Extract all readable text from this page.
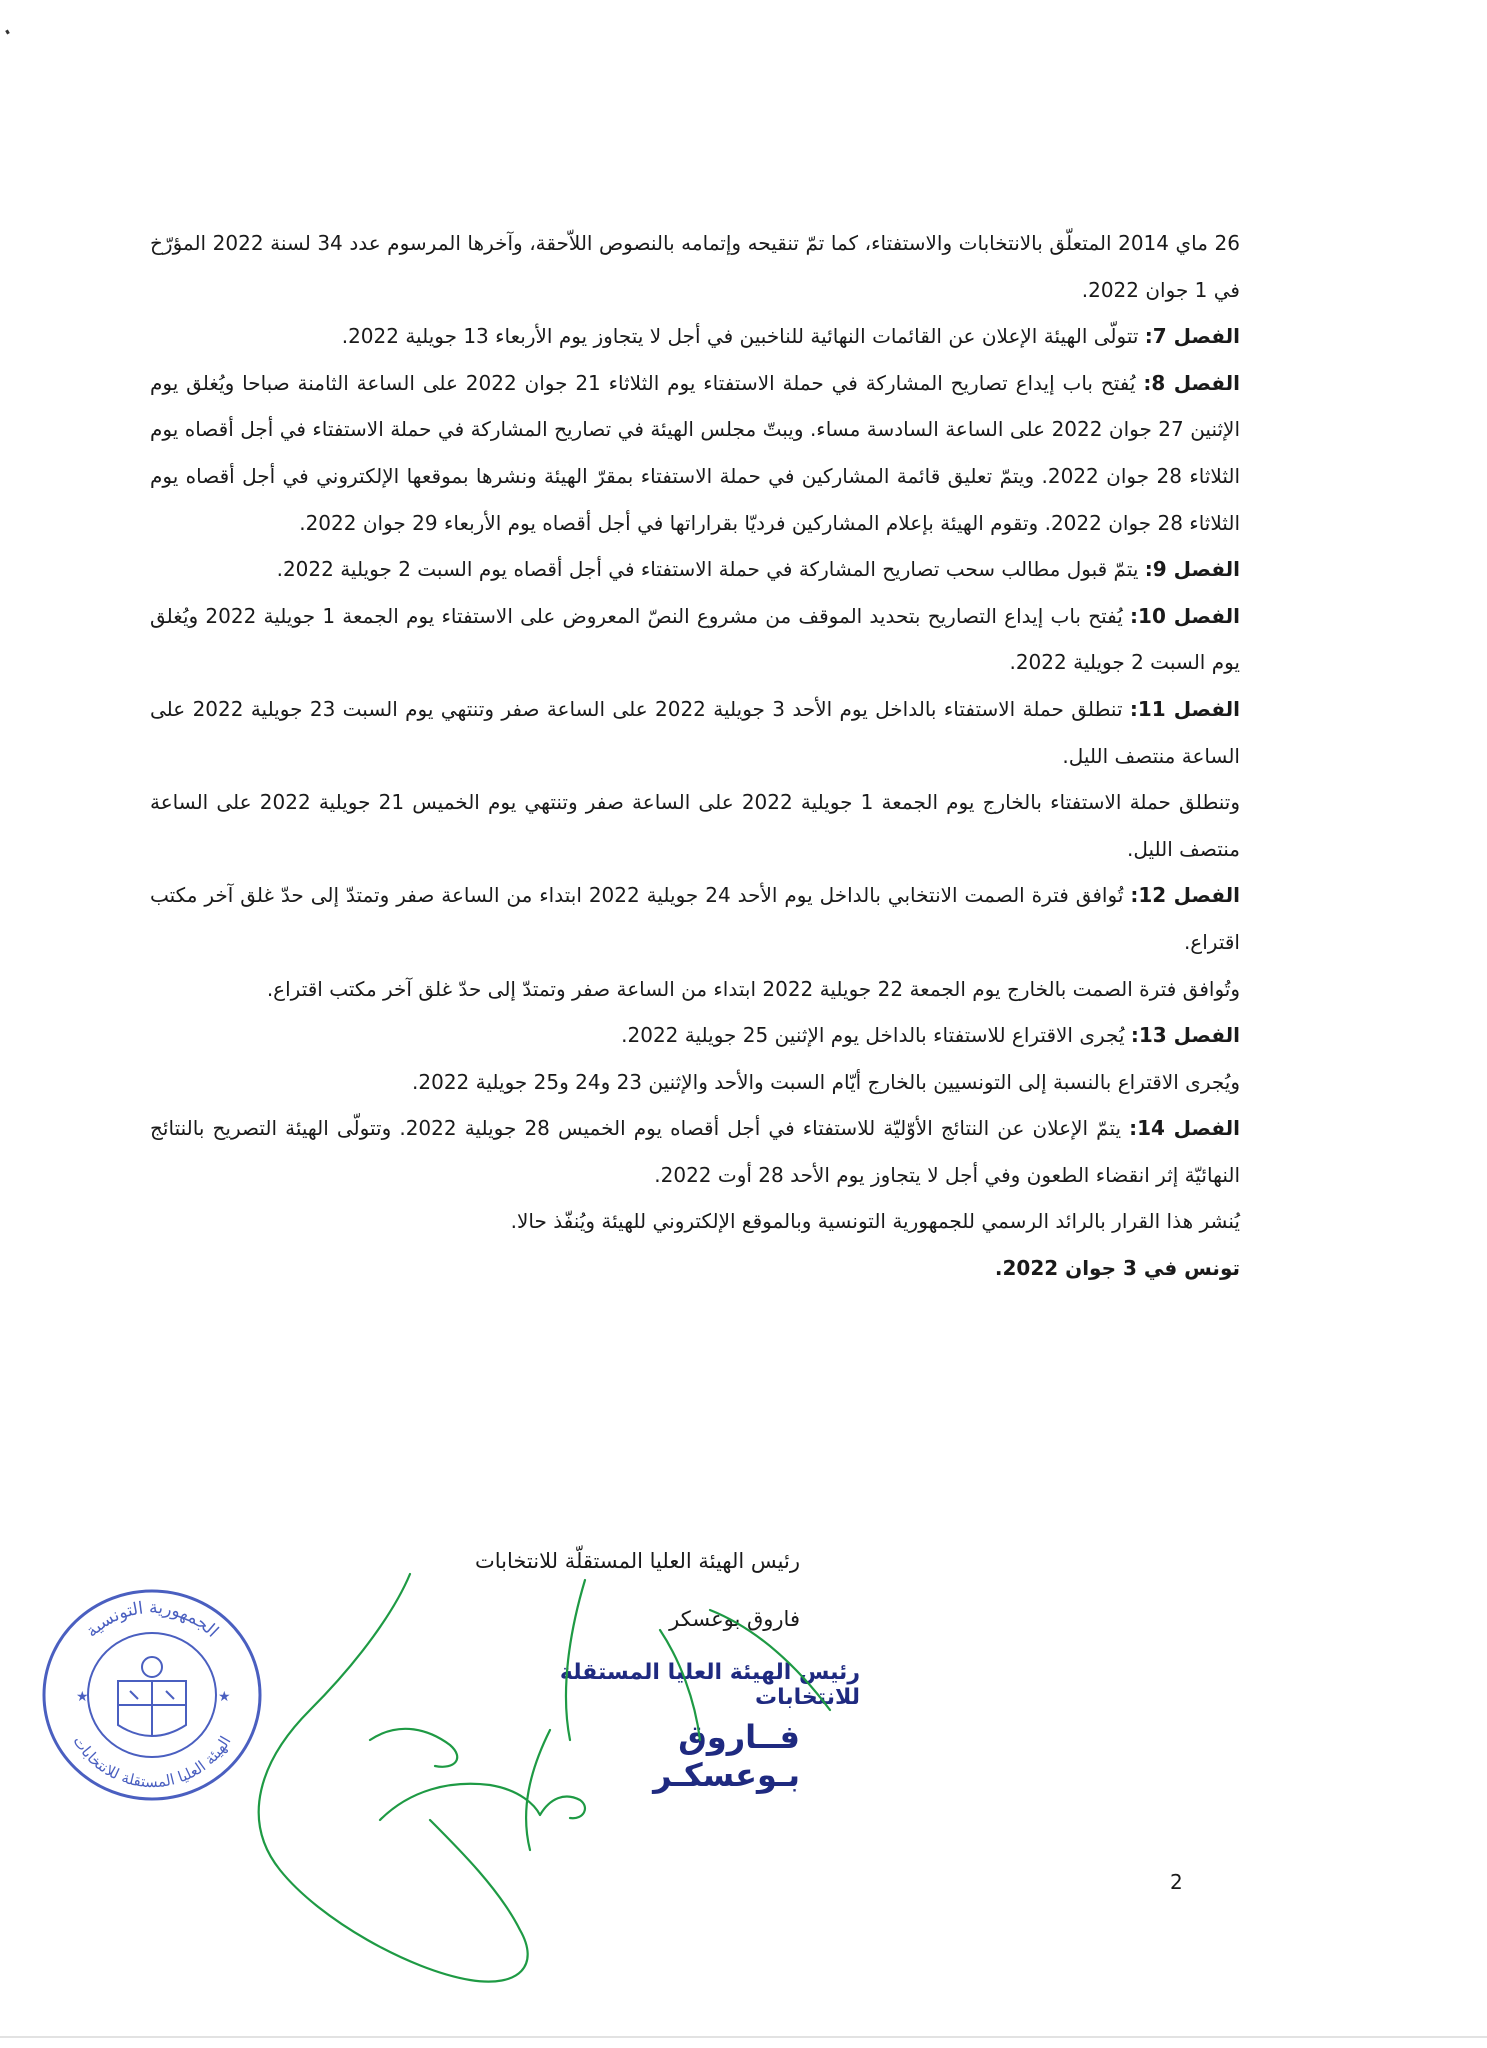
26 ماي 2014 المتعلّق بالانتخابات والاستفتاء، كما تمّ تنقيحه وإتمامه بالنصوص اللاّحقة، وآخرها المرسوم عدد 34 لسنة 2022 المؤرّخ في 1 جوان 2022.

الفصل 7: تتولّى الهيئة الإعلان عن القائمات النهائية للناخبين في أجل لا يتجاوز يوم الأربعاء 13 جويلية 2022.

الفصل 8: يُفتح باب إيداع تصاريح المشاركة في حملة الاستفتاء يوم الثلاثاء 21 جوان 2022 على الساعة الثامنة صباحا ويُغلق يوم الإثنين 27 جوان 2022 على الساعة السادسة مساء. ويبتّ مجلس الهيئة في تصاريح المشاركة في حملة الاستفتاء في أجل أقصاه يوم الثلاثاء 28 جوان 2022. ويتمّ تعليق قائمة المشاركين في حملة الاستفتاء بمقرّ الهيئة ونشرها بموقعها الإلكتروني في أجل أقصاه يوم الثلاثاء 28 جوان 2022. وتقوم الهيئة بإعلام المشاركين فرديّا بقراراتها في أجل أقصاه يوم الأربعاء 29 جوان 2022.

الفصل 9: يتمّ قبول مطالب سحب تصاريح المشاركة في حملة الاستفتاء في أجل أقصاه يوم السبت 2 جويلية 2022.

الفصل 10: يُفتح باب إيداع التصاريح بتحديد الموقف من مشروع النصّ المعروض على الاستفتاء يوم الجمعة 1 جويلية 2022 ويُغلق يوم السبت 2 جويلية 2022.

الفصل 11: تنطلق حملة الاستفتاء بالداخل يوم الأحد 3 جويلية 2022 على الساعة صفر وتنتهي يوم السبت 23 جويلية 2022 على الساعة منتصف الليل.

وتنطلق حملة الاستفتاء بالخارج يوم الجمعة 1 جويلية 2022 على الساعة صفر وتنتهي يوم الخميس 21 جويلية 2022 على الساعة منتصف الليل.

الفصل 12: تُوافق فترة الصمت الانتخابي بالداخل يوم الأحد 24 جويلية 2022 ابتداء من الساعة صفر وتمتدّ إلى حدّ غلق آخر مكتب اقتراع.

وتُوافق فترة الصمت بالخارج يوم الجمعة 22 جويلية 2022 ابتداء من الساعة صفر وتمتدّ إلى حدّ غلق آخر مكتب اقتراع.

الفصل 13: يُجرى الاقتراع للاستفتاء بالداخل يوم الإثنين 25 جويلية 2022.

ويُجرى الاقتراع بالنسبة إلى التونسيين بالخارج أيّام السبت والأحد والإثنين 23 و24 و25 جويلية 2022.

الفصل 14: يتمّ الإعلان عن النتائج الأوّليّة للاستفتاء في أجل أقصاه يوم الخميس 28 جويلية 2022. وتتولّى الهيئة التصريح بالنتائج النهائيّة إثر انقضاء الطعون وفي أجل لا يتجاوز يوم الأحد 28 أوت 2022.

يُنشر هذا القرار بالرائد الرسمي للجمهورية التونسية وبالموقع الإلكتروني للهيئة ويُنفّذ حالا.

تونس في 3 جوان 2022.

رئيس الهيئة العليا المستقلّة للانتخابات

فاروق بوعسكر

رئيس الهيئة العليا المستقلة للانتخابات
فــاروق بـوعسكـر
الجمهورية التونسية
الهيئة العليا المستقلة للانتخابات
★	★
2
